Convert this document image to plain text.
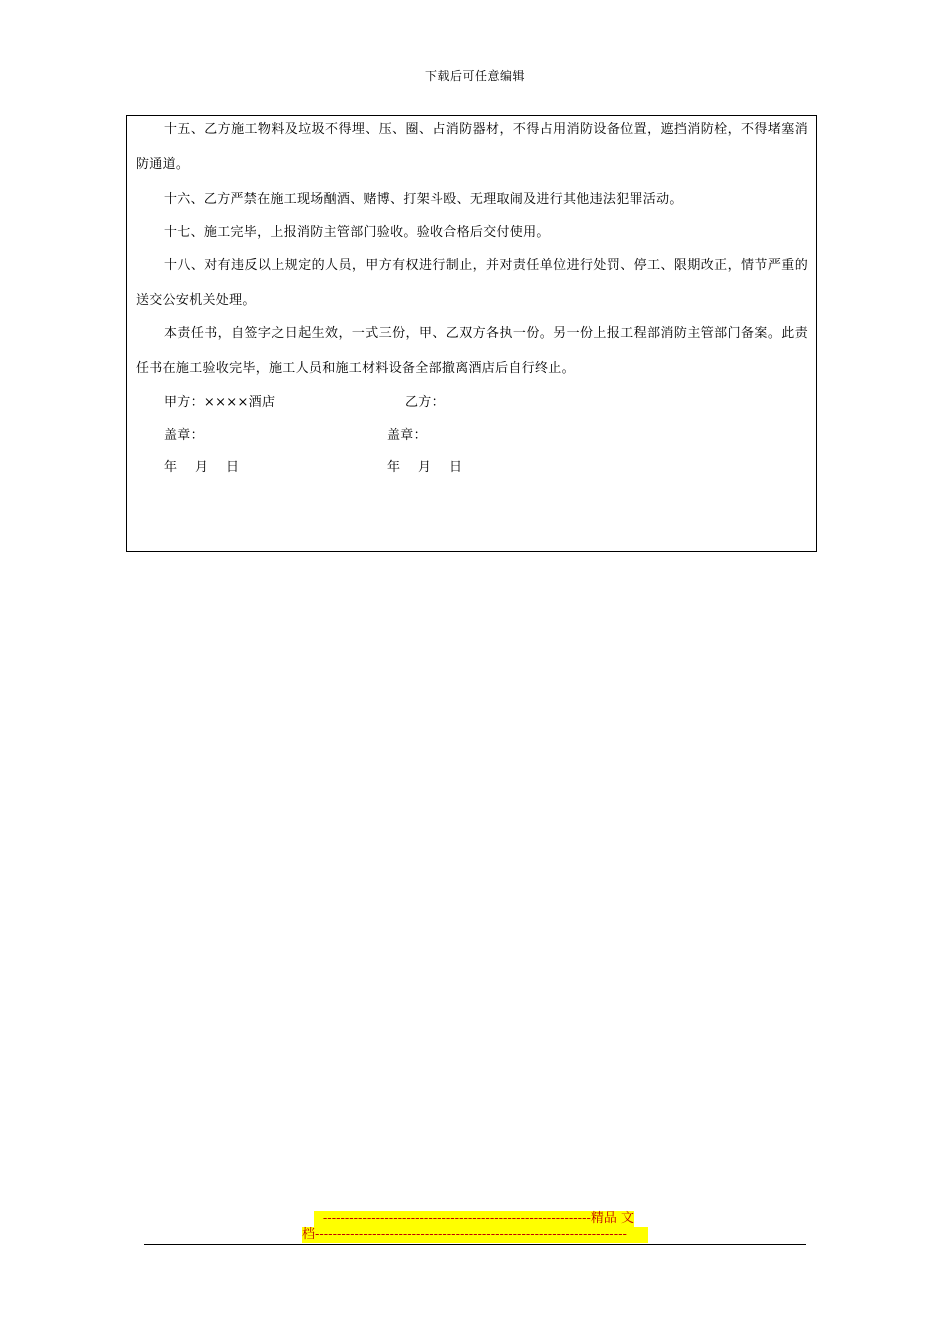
下载后可任意编辑

十五、乙方施工物料及垃圾不得埋、压、圈、占消防器材，不得占用消防设备位置，遮挡消防栓，不得堵塞消防通道。

十六、乙方严禁在施工现场酗酒、赌博、打架斗殴、无理取闹及进行其他违法犯罪活动。

十七、施工完毕，上报消防主管部门验收。验收合格后交付使用。

十八、对有违反以上规定的人员，甲方有权进行制止，并对责任单位进行处罚、停工、限期改正，情节严重的送交公安机关处理。

本责任书，自签字之日起生效，一式三份，甲、乙双方各执一份。另一份上报工程部消防主管部门备案。此责任书在施工验收完毕，施工人员和施工材料设备全部撤离酒店后自行终止。

甲方：××××酒店	乙方：
盖章：	盖章：
年    月    日	年    月    日
-------------------------------------------------------------精品 文
档-----------------------------------------------------------------------
